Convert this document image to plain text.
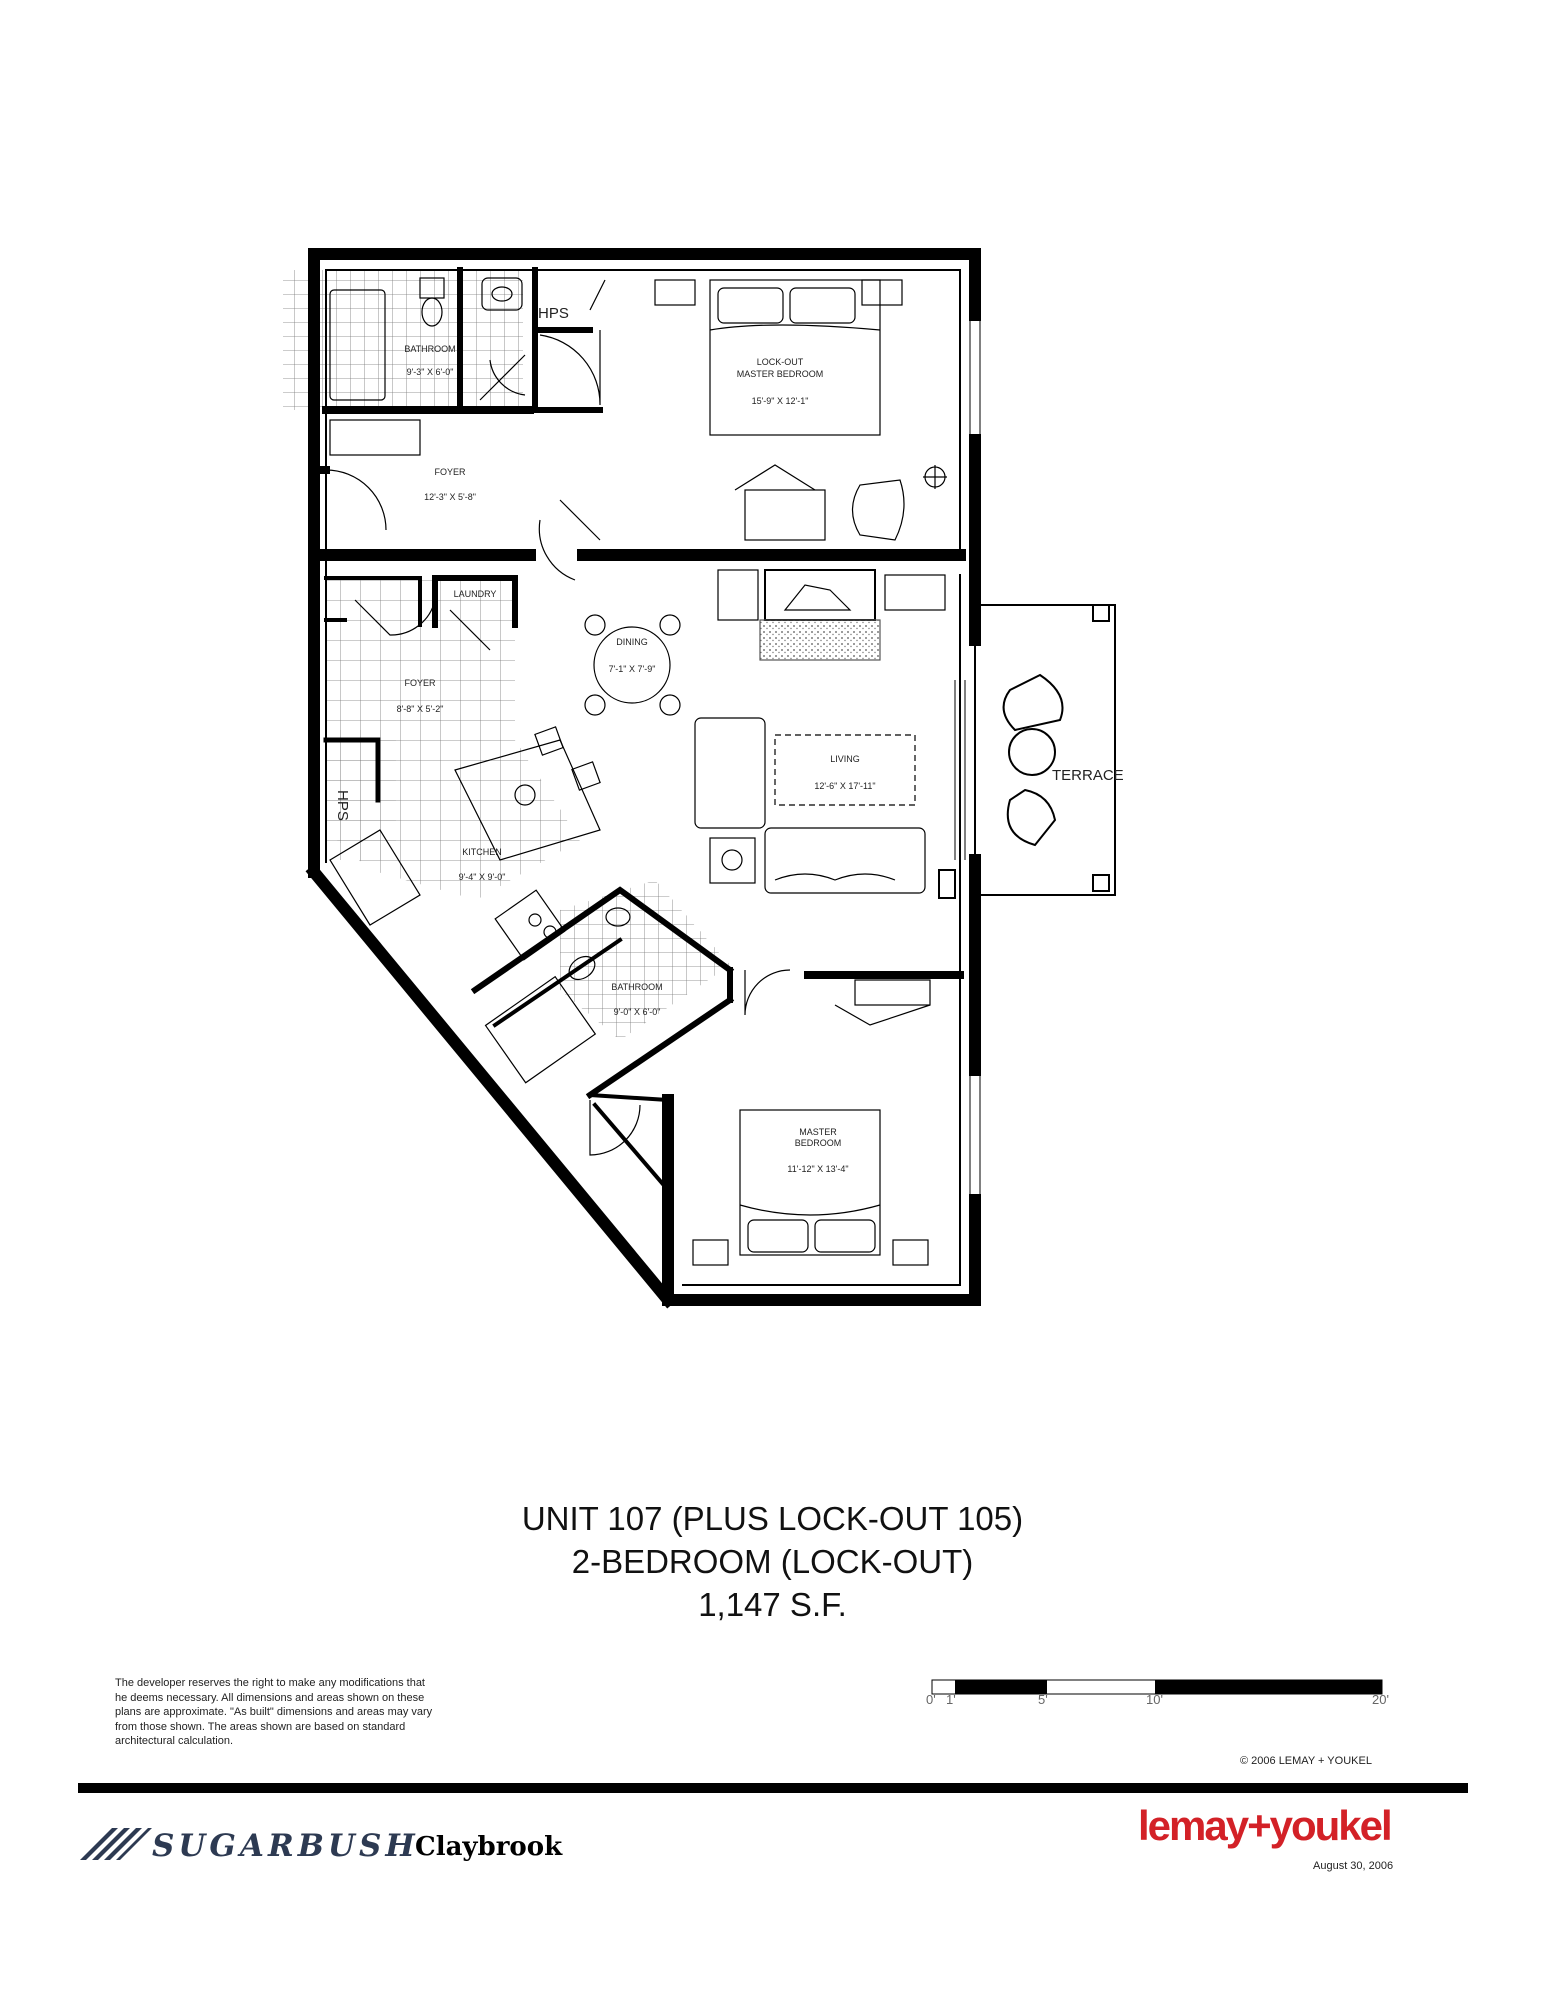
BATHROOM
9'-3" X 6'-0"
HPS
LOCK-OUT
MASTER BEDROOM
15'-9" X 12'-1"
FOYER
12'-3" X 5'-8"
LAUNDRY
DINING
7'-1" X 7'-9"
FOYER
8'-8" X 5'-2"
HPS
LIVING
12'-6" X 17'-11"
TERRACE
KITCHEN
9'-4" X 9'-0"
BATHROOM
9'-0" X 6'-0"
MASTER
BEDROOM
11'-12" X 13'-4"
UNIT 107 (PLUS LOCK-OUT 105)
2-BEDROOM (LOCK-OUT)
1,147 S.F.
The developer reserves the right to make any modifications that he deems necessary. All dimensions and areas shown on these plans are approximate. "As built" dimensions and areas may vary from those shown. The areas shown are based on standard architectural calculation.
0' 1'	5'	10'	20'
© 2006 LEMAY + YOUKEL
SUGARBUSH
Claybrook	lemay+youkel
August 30, 2006
